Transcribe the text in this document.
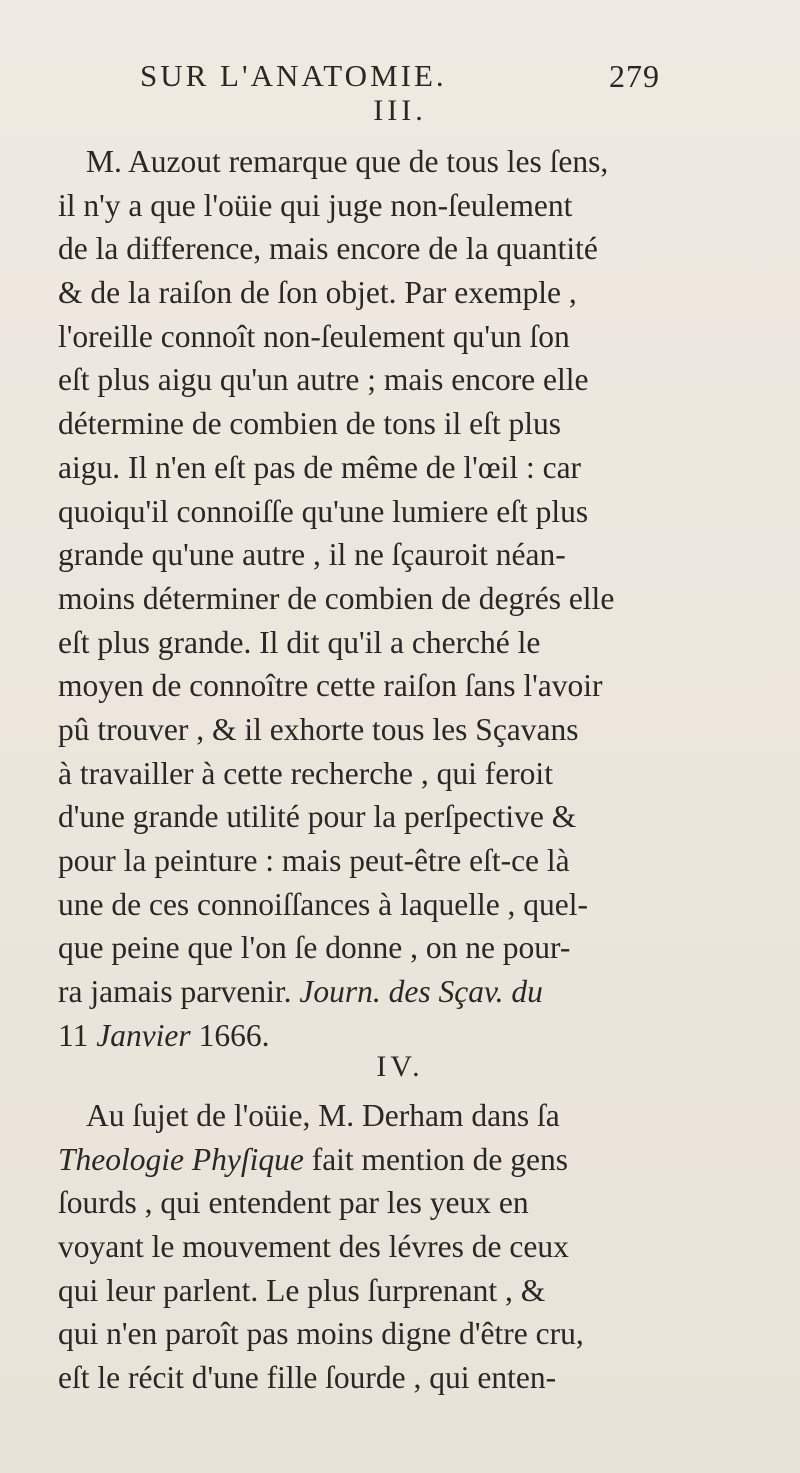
SUR L'ANATOMIE.	279
III.
M. Auzout remarque que de tous les ſens,
il n'y a que l'oüie qui juge non-ſeulement
de la difference, mais encore de la quantité
& de la raiſon de ſon objet. Par exemple ,
l'oreille connoît non-ſeulement qu'un ſon
eſt plus aigu qu'un autre ; mais encore elle
détermine de combien de tons il eſt plus
aigu. Il n'en eſt pas de même de l'œil : car
quoiqu'il connoiſſe qu'une lumiere eſt plus
grande qu'une autre , il ne ſçauroit néan-
moins déterminer de combien de degrés elle
eſt plus grande. Il dit qu'il a cherché le
moyen de connoître cette raiſon ſans l'avoir
pû trouver , & il exhorte tous les Sçavans
à travailler à cette recherche , qui feroit
d'une grande utilité pour la perſpective &
pour la peinture : mais peut-être eſt-ce là
une de ces connoiſſances à laquelle , quel-
que peine que l'on ſe donne , on ne pour-
ra jamais parvenir. Journ. des Sçav. du
11 Janvier 1666.
IV.
Au ſujet de l'oüie, M. Derham dans ſa
Theologie Phyſique fait mention de gens
ſourds , qui entendent par les yeux en
voyant le mouvement des lévres de ceux
qui leur parlent. Le plus ſurprenant , &
qui n'en paroît pas moins digne d'être cru,
eſt le récit d'une fille ſourde , qui enten-
